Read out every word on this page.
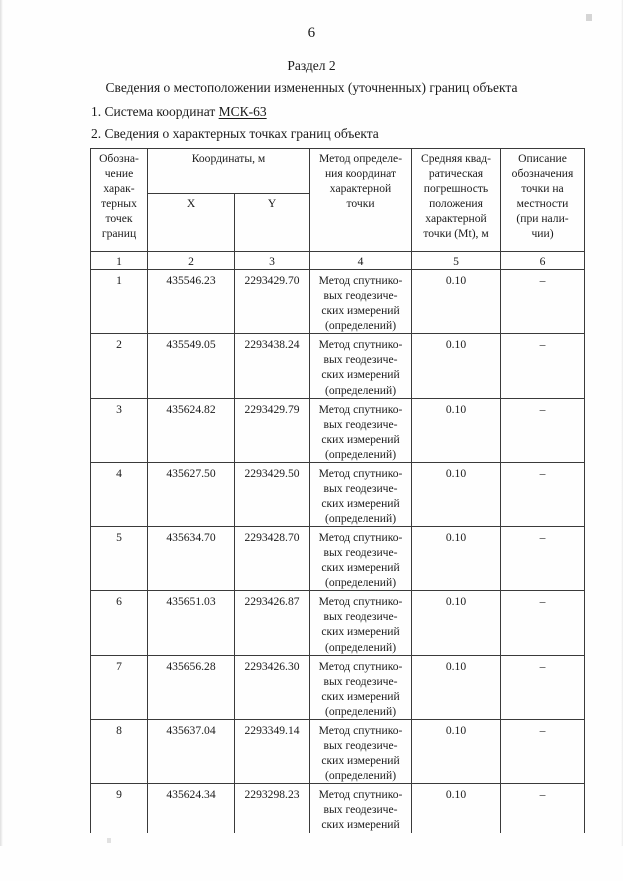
6
Раздел 2
Сведения о местоположении измененных (уточненных) границ объекта
1. Система координат МСК-63
2. Сведения о характерных точках границ объекта
Обозна-
чение
харак-
терных
точек
границ	Координаты, м	Метод определе-
ния координат
характерной
точки	Средняя квад-
ратическая
погрешность
положения
характерной
точки (Mt), м	Описание
обозначения
точки на
местности
(при нали-
чии)
	X	Y			
1	2	3	4	5	6
1	435546.23	2293429.70	Метод спутнико-
вых геодезиче-
ских измерений
(определений)	0.10	–
2	435549.05	2293438.24	Метод спутнико-
вых геодезиче-
ских измерений
(определений)	0.10	–
3	435624.82	2293429.79	Метод спутнико-
вых геодезиче-
ских измерений
(определений)	0.10	–
4	435627.50	2293429.50	Метод спутнико-
вых геодезиче-
ских измерений
(определений)	0.10	–
5	435634.70	2293428.70	Метод спутнико-
вых геодезиче-
ских измерений
(определений)	0.10	–
6	435651.03	2293426.87	Метод спутнико-
вых геодезиче-
ских измерений
(определений)	0.10	–
7	435656.28	2293426.30	Метод спутнико-
вых геодезиче-
ских измерений
(определений)	0.10	–
8	435637.04	2293349.14	Метод спутнико-
вых геодезиче-
ских измерений
(определений)	0.10	–
9	435624.34	2293298.23	Метод спутнико-
вых геодезиче-
ских измерений	0.10	–
